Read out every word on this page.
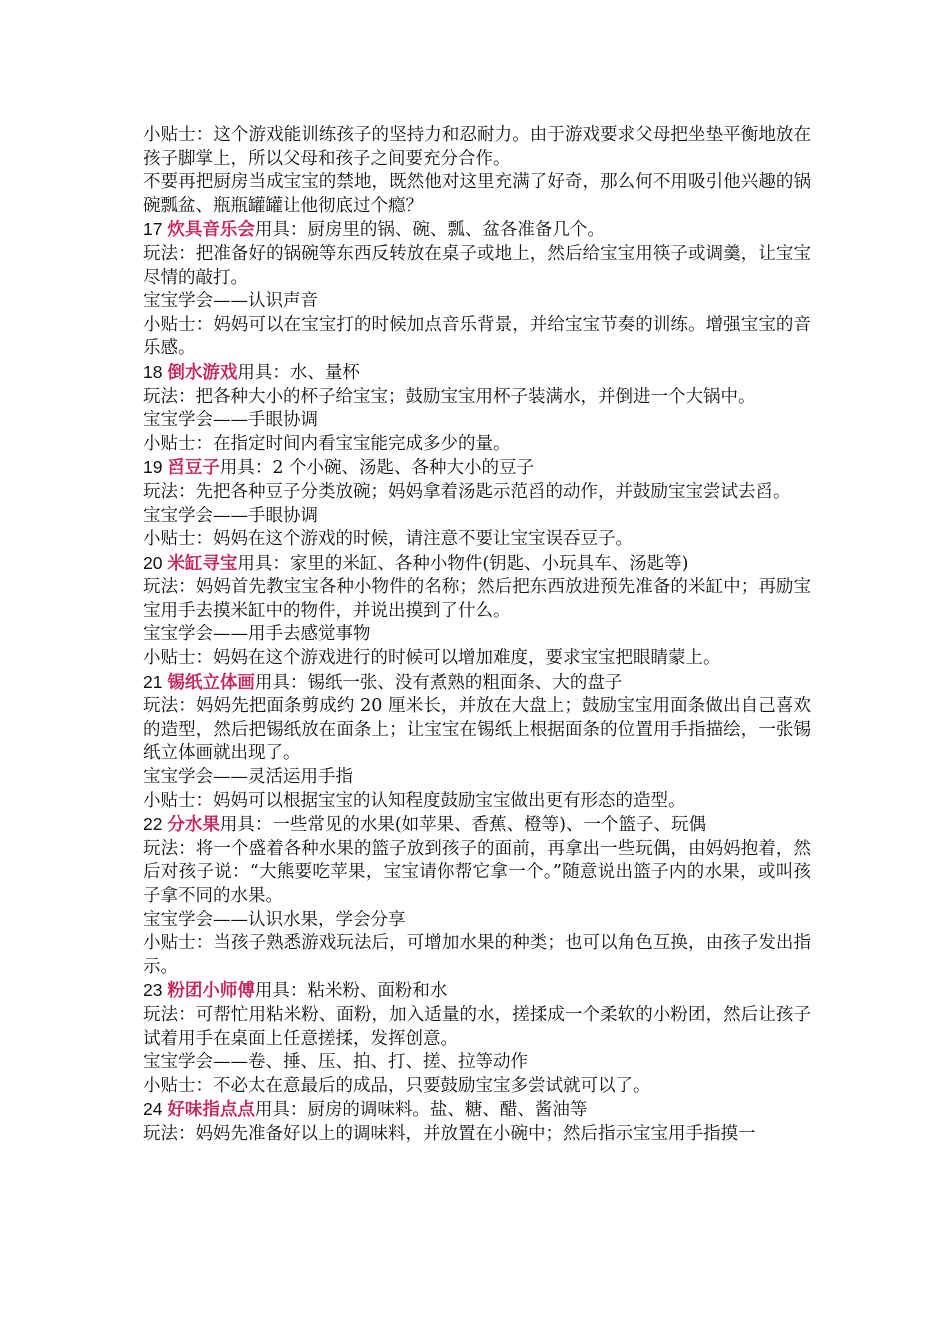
小贴士：这个游戏能训练孩子的坚持力和忍耐力。由于游戏要求父母把坐垫平衡地放在孩子脚掌上，所以父母和孩子之间要充分合作。

不要再把厨房当成宝宝的禁地，既然他对这里充满了好奇，那么何不用吸引他兴趣的锅碗瓢盆、瓶瓶罐罐让他彻底过个瘾？

17 炊具音乐会用具：厨房里的锅、碗、瓢、盆各准备几个。

玩法：把准备好的锅碗等东西反转放在桌子或地上，然后给宝宝用筷子或调羹，让宝宝尽情的敲打。

宝宝学会——认识声音

小贴士：妈妈可以在宝宝打的时候加点音乐背景，并给宝宝节奏的训练。增强宝宝的音乐感。

18 倒水游戏用具：水、量杯

玩法：把各种大小的杯子给宝宝；鼓励宝宝用杯子装满水，并倒进一个大锅中。

宝宝学会——手眼协调

小贴士：在指定时间内看宝宝能完成多少的量。

19 舀豆子用具：2 个小碗、汤匙、各种大小的豆子

玩法：先把各种豆子分类放碗；妈妈拿着汤匙示范舀的动作，并鼓励宝宝尝试去舀。

宝宝学会——手眼协调

小贴士：妈妈在这个游戏的时候，请注意不要让宝宝误吞豆子。

20 米缸寻宝用具：家里的米缸、各种小物件(钥匙、小玩具车、汤匙等)

玩法：妈妈首先教宝宝各种小物件的名称；然后把东西放进预先准备的米缸中；再励宝宝用手去摸米缸中的物件，并说出摸到了什么。

宝宝学会——用手去感觉事物

小贴士：妈妈在这个游戏进行的时候可以增加难度，要求宝宝把眼睛蒙上。

21 锡纸立体画用具：锡纸一张、没有煮熟的粗面条、大的盘子

玩法：妈妈先把面条剪成约 20 厘米长，并放在大盘上；鼓励宝宝用面条做出自己喜欢的造型，然后把锡纸放在面条上；让宝宝在锡纸上根据面条的位置用手指描绘，一张锡纸立体画就出现了。

宝宝学会——灵活运用手指

小贴士：妈妈可以根据宝宝的认知程度鼓励宝宝做出更有形态的造型。

22 分水果用具：一些常见的水果(如苹果、香蕉、橙等)、一个篮子、玩偶

玩法：将一个盛着各种水果的篮子放到孩子的面前，再拿出一些玩偶，由妈妈抱着，然后对孩子说：“大熊要吃苹果，宝宝请你帮它拿一个。”随意说出篮子内的水果，或叫孩子拿不同的水果。

宝宝学会——认识水果，学会分享

小贴士：当孩子熟悉游戏玩法后，可增加水果的种类；也可以角色互换，由孩子发出指示。

23 粉团小师傅用具：粘米粉、面粉和水

玩法：可帮忙用粘米粉、面粉，加入适量的水，搓揉成一个柔软的小粉团，然后让孩子试着用手在桌面上任意搓揉，发挥创意。

宝宝学会——卷、捶、压、拍、打、搓、拉等动作

小贴士：不必太在意最后的成品，只要鼓励宝宝多尝试就可以了。

24 好味指点点用具：厨房的调味料。盐、糖、醋、酱油等

玩法：妈妈先准备好以上的调味料，并放置在小碗中；然后指示宝宝用手指摸一
